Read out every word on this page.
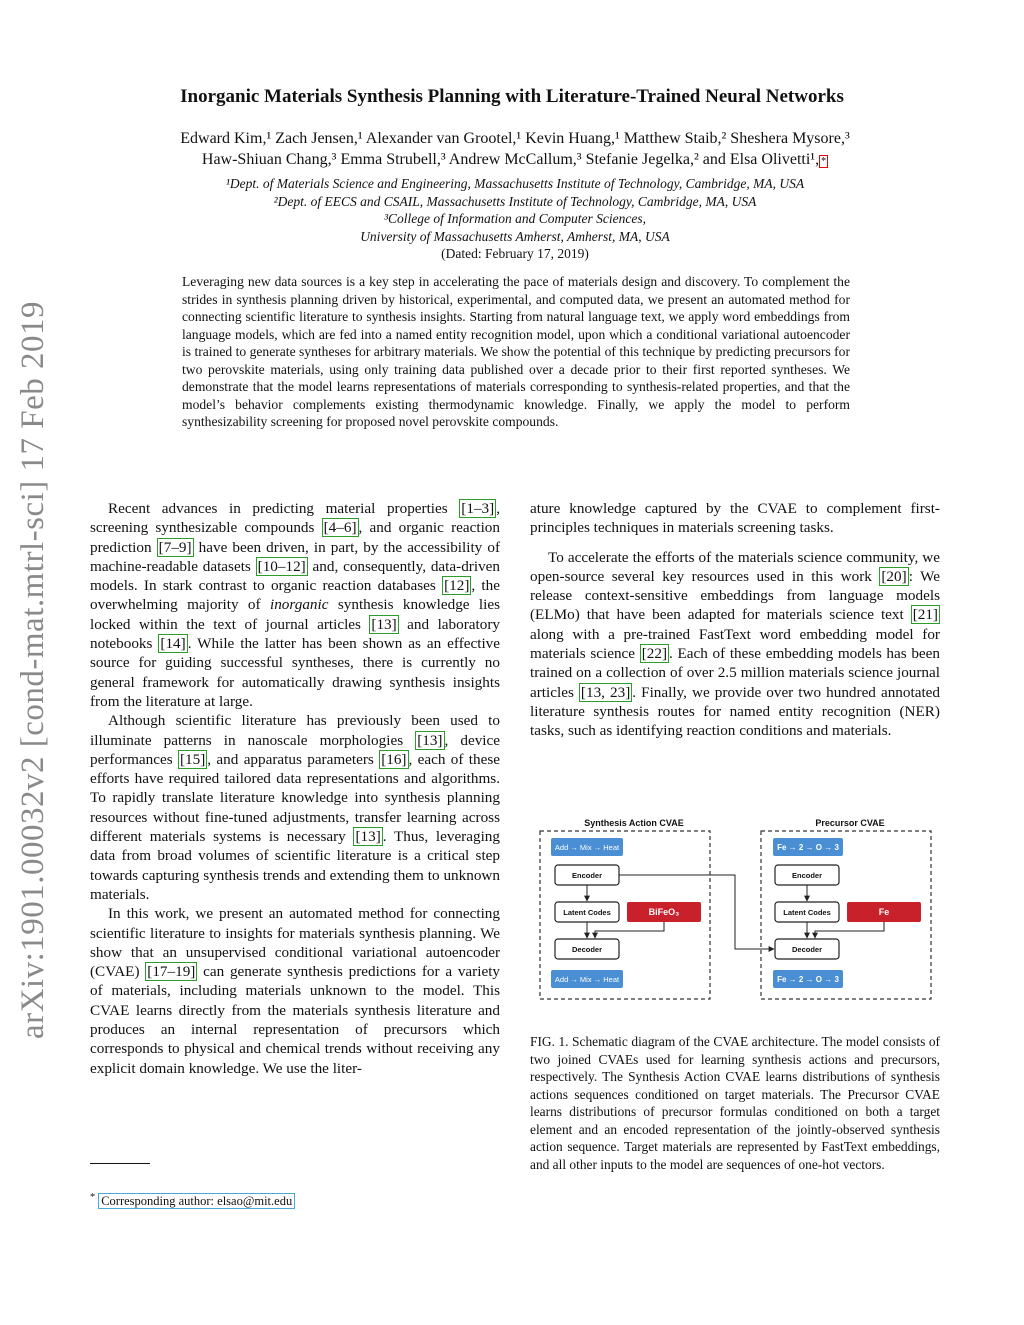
arXiv:1901.00032v2 [cond-mat.mtrl-sci] 17 Feb 2019
Inorganic Materials Synthesis Planning with Literature-Trained Neural Networks
Edward Kim,¹ Zach Jensen,¹ Alexander van Grootel,¹ Kevin Huang,¹ Matthew Staib,² Sheshera Mysore,³
Haw-Shiuan Chang,³ Emma Strubell,³ Andrew McCallum,³ Stefanie Jegelka,² and Elsa Olivetti¹, *
¹Dept. of Materials Science and Engineering, Massachusetts Institute of Technology, Cambridge, MA, USA
²Dept. of EECS and CSAIL, Massachusetts Institute of Technology, Cambridge, MA, USA
³College of Information and Computer Sciences,
University of Massachusetts Amherst, Amherst, MA, USA
(Dated: February 17, 2019)
Leveraging new data sources is a key step in accelerating the pace of materials design and discovery. To complement the strides in synthesis planning driven by historical, experimental, and computed data, we present an automated method for connecting scientific literature to synthesis insights. Starting from natural language text, we apply word embeddings from language models, which are fed into a named entity recognition model, upon which a conditional variational autoencoder is trained to generate syntheses for arbitrary materials. We show the potential of this technique by predicting precursors for two perovskite materials, using only training data published over a decade prior to their first reported syntheses. We demonstrate that the model learns representations of materials corresponding to synthesis-related properties, and that the model’s behavior complements existing thermodynamic knowledge. Finally, we apply the model to perform synthesizability screening for proposed novel perovskite compounds.

Recent advances in predicting material properties [1–3] , screening synthesizable compounds [4–6] , and organic reaction prediction [7–9] have been driven, in part, by the accessibility of machine-readable datasets [10–12] and, consequently, data-driven models. In stark contrast to organic reaction databases [12] , the overwhelming majority of inorganic synthesis knowledge lies locked within the text of journal articles [13] and laboratory notebooks [14] . While the latter has been shown as an effective source for guiding successful syntheses, there is currently no general framework for automatically drawing synthesis insights from the literature at large.

Although scientific literature has previously been used to illuminate patterns in nanoscale morphologies [13] , device performances [15] , and apparatus parameters [16] , each of these efforts have required tailored data representations and algorithms. To rapidly translate literature knowledge into synthesis planning resources without fine-tuned adjustments, transfer learning across different materials systems is necessary [13] . Thus, leveraging data from broad volumes of scientific literature is a critical step towards capturing synthesis trends and extending them to unknown materials.

In this work, we present an automated method for connecting scientific literature to insights for materials synthesis planning. We show that an unsupervised conditional variational autoencoder (CVAE) [17–19] can generate synthesis predictions for a variety of materials, including materials unknown to the model. This CVAE learns directly from the materials synthesis literature and produces an internal representation of precursors which corresponds to physical and chemical trends without receiving any explicit domain knowledge. We use the liter-

ature knowledge captured by the CVAE to complement first-principles techniques in materials screening tasks.

To accelerate the efforts of the materials science community, we open-source several key resources used in this work [20] : We release context-sensitive embeddings from language models (ELMo) that have been adapted for materials science text [21] along with a pre-trained FastText word embedding model for materials science [22] . Each of these embedding models has been trained on a collection of over 2.5 million materials science journal articles [13, 23] . Finally, we provide over two hundred annotated literature synthesis routes for named entity recognition (NER) tasks, such as identifying reaction conditions and materials.

Synthesis Action CVAE
Add → Mix → Heat
Encoder
Latent Codes	BiFeO₃
Decoder
Add → Mix → Heat
Precursor CVAE
Fe → 2 → O → 3
Encoder
Latent Codes	Fe
Decoder
Fe → 2 → O → 3
FIG. 1. Schematic diagram of the CVAE architecture. The model consists of two joined CVAEs used for learning synthesis actions and precursors, respectively. The Synthesis Action CVAE learns distributions of synthesis actions sequences conditioned on target materials. The Precursor CVAE learns distributions of precursor formulas conditioned on both a target element and an encoded representation of the jointly-observed synthesis action sequence. Target materials are represented by FastText embeddings, and all other inputs to the model are sequences of one-hot vectors.
* Corresponding author: elsao@mit.edu
